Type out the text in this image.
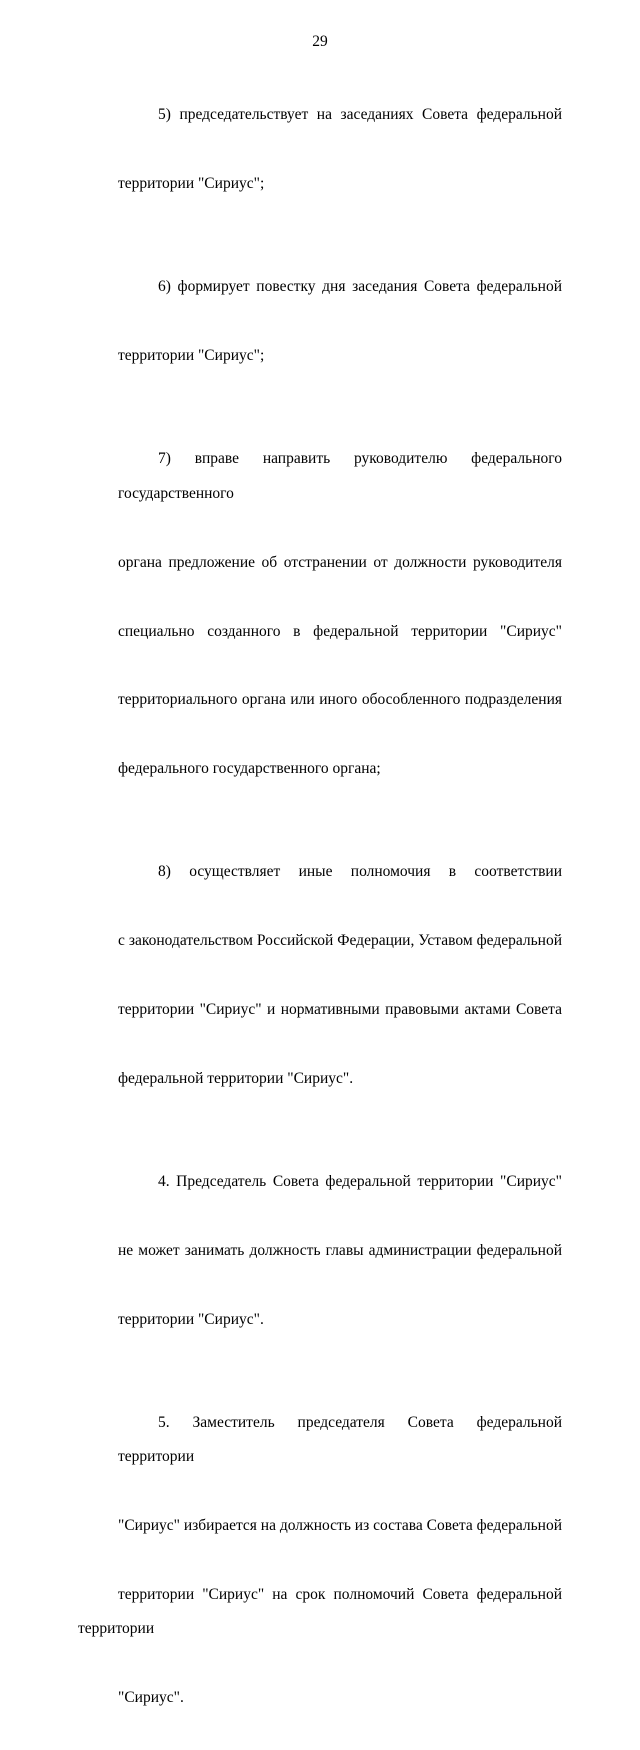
29

5) председательствует на заседаниях Совета федеральной

территории "Сириус";

6) формирует повестку дня заседания Совета федеральной

территории "Сириус";

7) вправе направить руководителю федерального государственного

органа предложение об отстранении от должности руководителя

специально созданного в федеральной территории "Сириус"

территориального органа или иного обособленного подразделения

федерального государственного органа;

8) осуществляет иные полномочия в соответствии

с законодательством Российской Федерации, Уставом федеральной

территории "Сириус" и нормативными правовыми актами Совета

федеральной территории "Сириус".

4. Председатель Совета федеральной территории "Сириус"

не может занимать должность главы администрации федеральной

территории "Сириус".

5. Заместитель председателя Совета федеральной территории

"Сириус" избирается на должность из состава Совета федеральной

территории "Сириус" на срок полномочий Совета федеральной территории

"Сириус".
